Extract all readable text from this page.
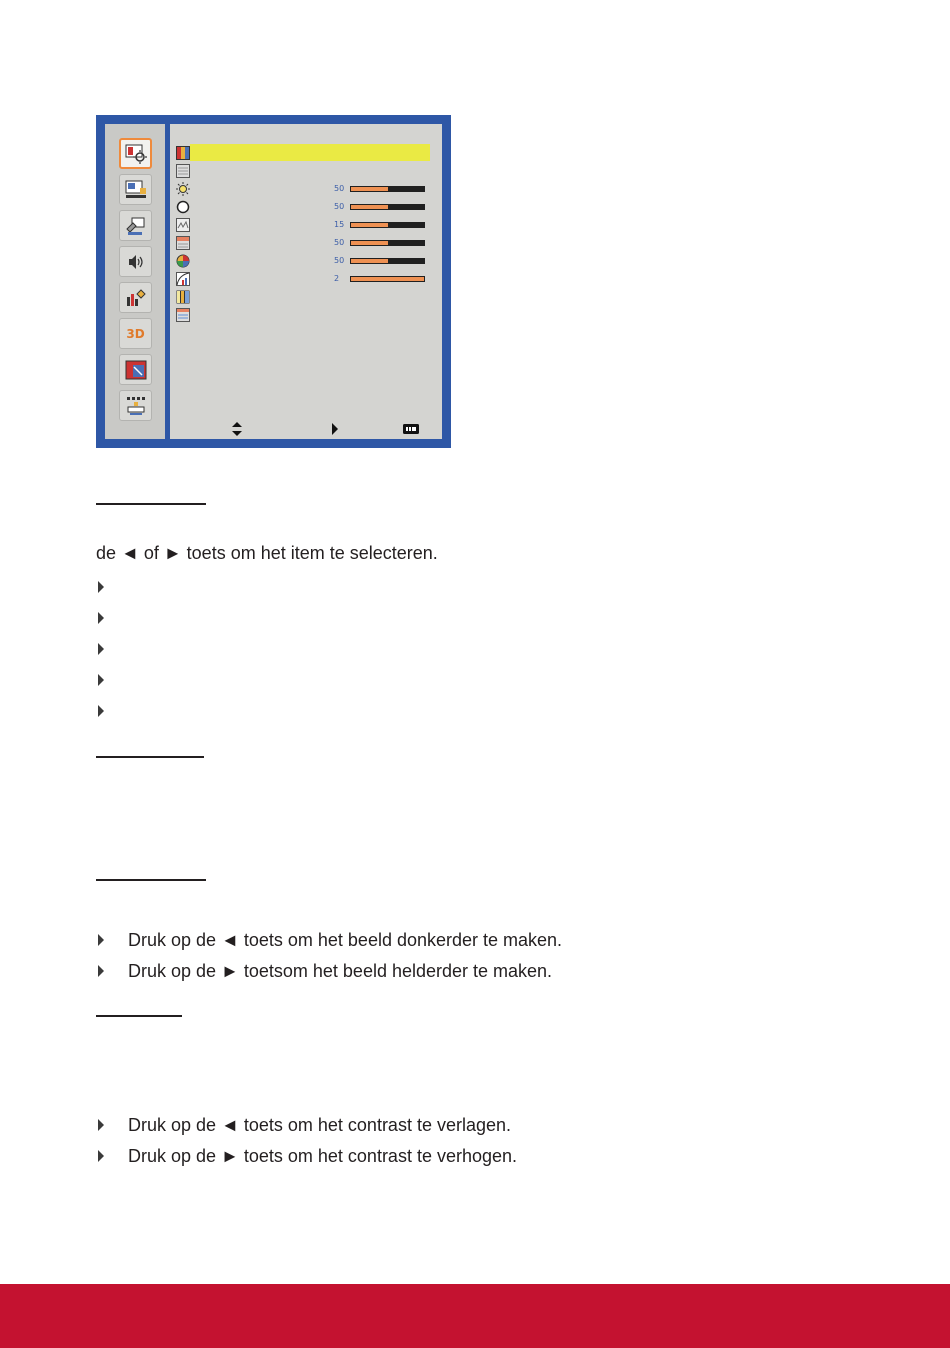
3D
50
50
15
50
50
2
de ◄ of ► toets om het item te selecteren.
Druk op de ◄ toets om het beeld donkerder te maken.
Druk op de ► toetsom het beeld helderder te maken.
Druk op de ◄ toets om het contrast te verlagen.
Druk op de ► toets om het contrast te verhogen.
